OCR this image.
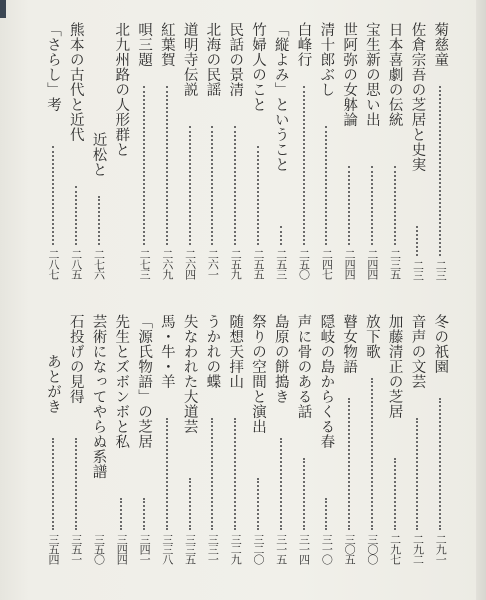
菊慈童
二三
冬の祇園
二九一
佐倉宗吾の芝居と史実
二三
音声の文芸
二九二
日本喜劇の伝統
二三五
加藤清正の芝居
二九七
宝生新の思い出
二四四
放下歌
三〇〇
世阿弥の女躰論
二四四
瞽女物語
三〇五
清十郎ぶし
二四七
隠岐の島からくる春
三一〇
白峰行
二五〇
声に骨のある話
三一四
「縦よみ」ということ
二五三
島原の餅搗き
三一五
竹婦人のこと
二五五
祭りの空間と演出
三二〇
民話の景清
二五九
随想天拝山
三二九
北海の民謡
二六一
うかれの蝶
三三一
道明寺伝説
二六四
失なわれた大道芸
三三五
紅葉賀
二六九
馬・牛・羊
三三八
唄三題
二七三
「源氏物語」の芝居
三四一
北九州路の人形群と
先生とズボンボと私
三四四
近松と
二七六
芸術になってやらぬ系譜
三五〇
熊本の古代と近代
二八五
石投げの見得
三五一
「さらし」考
二八七
あとがき
三五四
